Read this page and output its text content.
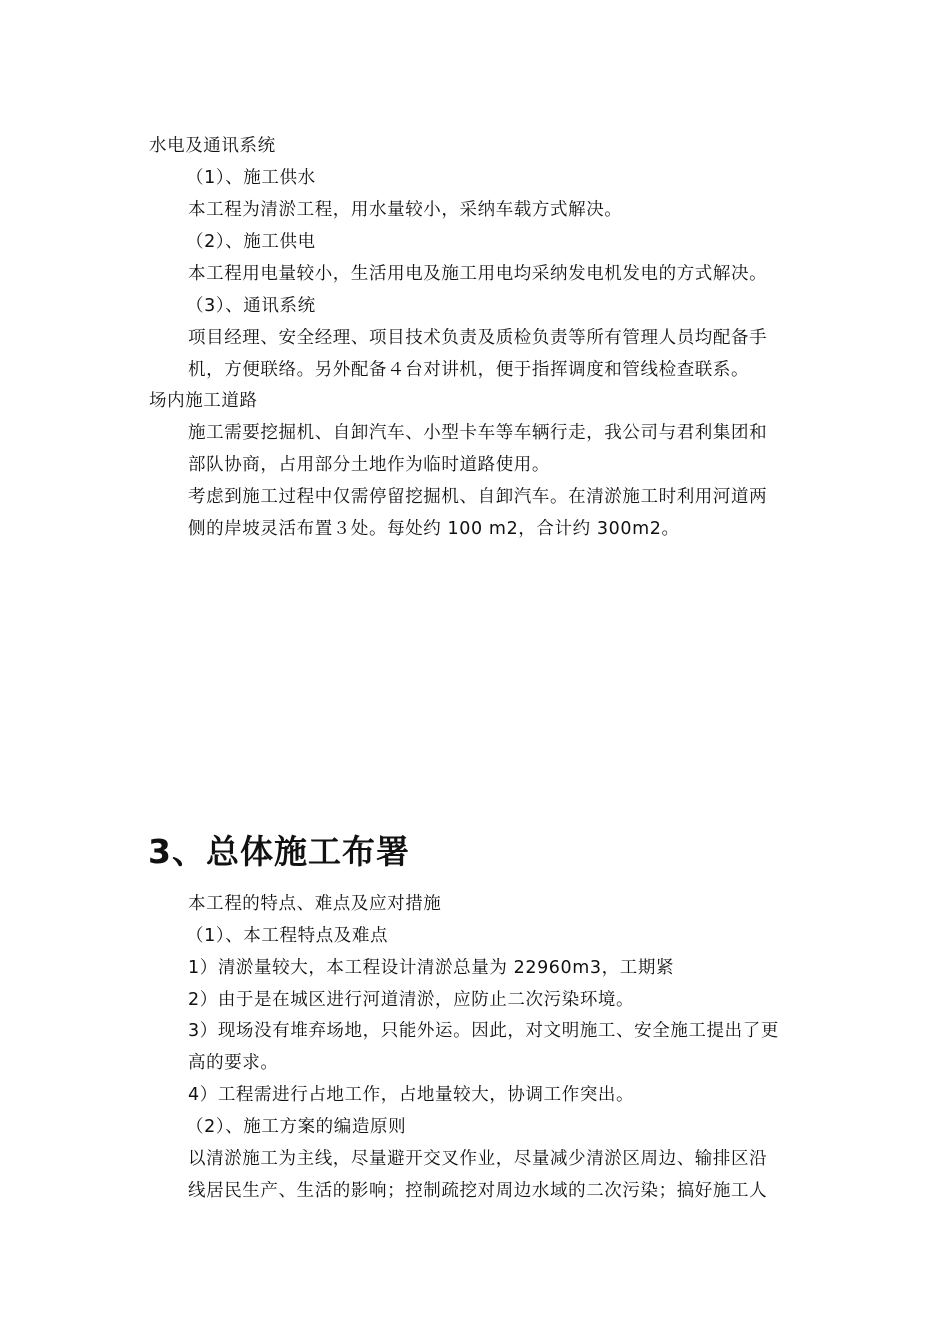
水电及通讯系统
（1）、施工供水
本工程为清淤工程，用水量较小，采纳车载方式解决。
（2）、施工供电
本工程用电量较小，生活用电及施工用电均采纳发电机发电的方式解决。
（3）、通讯系统
项目经理、安全经理、项目技术负责及质检负责等所有管理人员均配备手
机，方便联络。另外配备４台对讲机，便于指挥调度和管线检查联系。
场内施工道路
施工需要挖掘机、自卸汽车、小型卡车等车辆行走，我公司与君利集团和
部队协商，占用部分土地作为临时道路使用。
考虑到施工过程中仅需停留挖掘机、自卸汽车。在清淤施工时利用河道两
侧的岸坡灵活布置３处。每处约 100 m2，合计约 300m2。
3、总体施工布署
本工程的特点、难点及应对措施
（1）、本工程特点及难点
1）清淤量较大，本工程设计清淤总量为 22960m3，工期紧
2）由于是在城区进行河道清淤，应防止二次污染环境。
3）现场没有堆弃场地，只能外运。因此，对文明施工、安全施工提出了更
高的要求。
4）工程需进行占地工作，占地量较大，协调工作突出。
（2）、施工方案的编造原则
以清淤施工为主线，尽量避开交叉作业，尽量减少清淤区周边、输排区沿
线居民生产、生活的影响；控制疏挖对周边水域的二次污染；搞好施工人
